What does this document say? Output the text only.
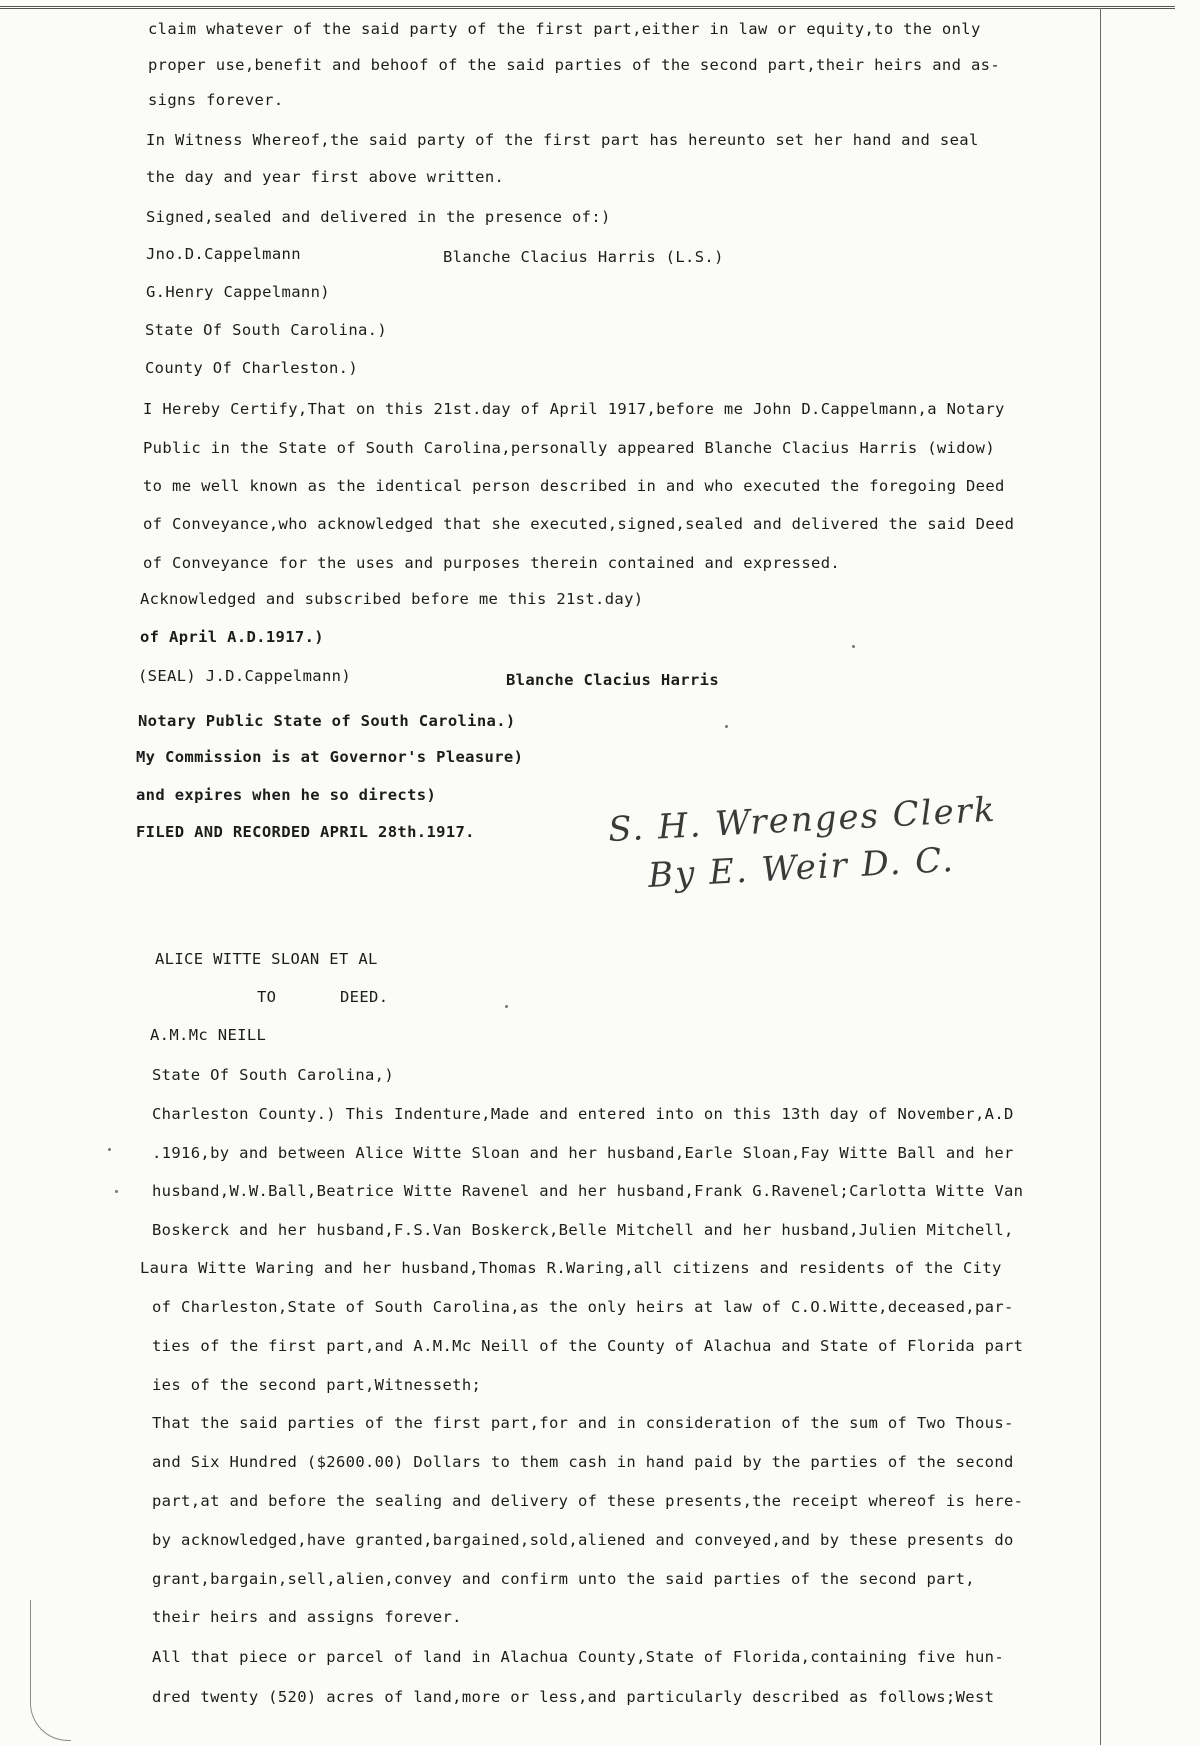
claim whatever of the said party of the first part,either in law or equity,to the only
proper use,benefit and behoof of the said parties of the second part,their heirs and as-
signs forever.
In Witness Whereof,the said party of the first part has hereunto set her hand and seal
the day and year first above written.
Signed,sealed and delivered in the presence of:)
Jno.D.Cappelmann	Blanche Clacius Harris (L.S.)
G.Henry Cappelmann)
State Of South Carolina.)
County Of Charleston.)
I Hereby Certify,That on this 21st.day of April 1917,before me John D.Cappelmann,a Notary
Public in the State of South Carolina,personally appeared Blanche Clacius Harris (widow)
to me well known as the identical person described in and who executed the foregoing Deed
of Conveyance,who acknowledged that she executed,signed,sealed and delivered the said Deed
of Conveyance for the uses and purposes therein contained and expressed.
Acknowledged and subscribed before me this 21st.day)
of April A.D.1917.)
(SEAL) J.D.Cappelmann)	Blanche Clacius Harris
Notary Public State of South Carolina.)
My Commission is at Governor's Pleasure)
and expires when he so directs)
FILED AND RECORDED APRIL 28th.1917.	S. H. Wrenges Clerk
By E. Weir D. C.
ALICE WITTE SLOAN ET AL
TO	DEED.
A.M.Mc NEILL
State Of South Carolina,)
Charleston County.) This Indenture,Made and entered into on this 13th day of November,A.D
.1916,by and between Alice Witte Sloan and her husband,Earle Sloan,Fay Witte Ball and her
husband,W.W.Ball,Beatrice Witte Ravenel and her husband,Frank G.Ravenel;Carlotta Witte Van
Boskerck and her husband,F.S.Van Boskerck,Belle Mitchell and her husband,Julien Mitchell,
Laura Witte Waring and her husband,Thomas R.Waring,all citizens and residents of the City
of Charleston,State of South Carolina,as the only heirs at law of C.O.Witte,deceased,par-
ties of the first part,and A.M.Mc Neill of the County of Alachua and State of Florida part
ies of the second part,Witnesseth;
That the said parties of the first part,for and in consideration of the sum of Two Thous-
and Six Hundred ($2600.00) Dollars to them cash in hand paid by the parties of the second
part,at and before the sealing and delivery of these presents,the receipt whereof is here-
by acknowledged,have granted,bargained,sold,aliened and conveyed,and by these presents do
grant,bargain,sell,alien,convey and confirm unto the said parties of the second part,
their heirs and assigns forever.
All that piece or parcel of land in Alachua County,State of Florida,containing five hun-
dred twenty (520) acres of land,more or less,and particularly described as follows;West
